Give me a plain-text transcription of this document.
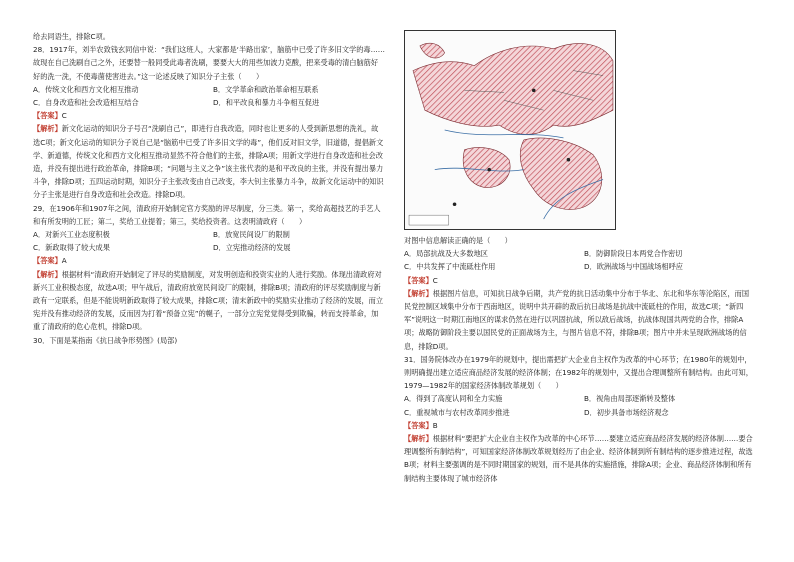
给去同语生，排除C项。

28．1917年，刘半农致钱玄同信中说：“我们这班人，大家都是‘半路出家’，脑筋中已受了许多旧文学的毒……故现在自己洗刷自己之外，还要替一般同受此毒者洗刷，要要大大的用些加波力克酸，把来受毒的清白脑筋好好的洗一洗，不使毒菌使害进去。”这一论述反映了知识分子主张（　　）

A．传统文化和西方文化相互推动	B．文学革命和政治革命相互联系
C．自身改造和社会改造相互结合	D．和平改良和暴力斗争相互促进

【答案】C

【解析】新文化运动的知识分子号召“洗刷自己”，即进行自我改造，同时也让更多的人受到新思想的洗礼，故选C项；新文化运动的知识分子说自己是“脑筋中已受了许多旧文学的毒”，他们反对旧文学，旧道德，提倡新文学、新道德，传统文化和西方文化相互推动显然不符合他们的主张，排除A项；用新文学进行自身改造和社会改造，并没有提出进行政治革命，排除B项；“问题与主义之争”该主张代表的是和平改良的主张，并没有提出暴力斗争，排除D项；五四运动时期，知识分子主张改变由自己改变，李大钊主张暴力斗争，故新文化运动中的知识分子主张是进行自身改造和社会改造。排除D项。

29．在1906年和1907年之间，清政府开始制定官方奖励的评尽制度，分三类。第一，奖给高超技艺的手艺人和有所发明的工匠；第二，奖给工业提着；第三，奖给投资者。这表明清政府（　　）

A．对新兴工业态度积极	B．放宽民间设厂的限制
C．新政取得了较大成果	D．立宪推动经济的发展

【答案】A

【解析】根据材料“清政府开始制定了评尽的奖励制度，对发明创造和投资实业的人进行奖励。体现出清政府对新兴工业积极态度，故选A项；甲午战后，清政府放宽民间设厂的限制，排除B项；清政府的评尽奖励制度与新政有一定联系，但是不能说明新政取得了较大成果，排除C项；清末新政中的奖励实业推动了经济的发展，而立宪并没有推动经济的发展，反而因为打着“预备立宪”的幌子，一部分立宪党觉得受到欺骗，转而支持革命，加重了清政府的危心危机，排除D项。

30．下面是某指南《抗日战争形势图》(局部)

对图中信息解读正确的是（　　）

A．局部抗战及大多数地区	B．防御阶段日本两党合作密切
C．中共发挥了中流砥柱作用	D．欧洲战场与中国战场相呼应

【答案】C

【解析】根据图片信息，可知抗日战争后期，共产党的抗日活动集中分布于华北、东北和华东等沦陷区，而国民党控制区域集中分布于西南地区，说明中共开辟的敌后抗日战场是抗战中流砥柱的作用，故选C项；“新四军”说明这一时期江南地区的谋求仍然在进行以巩固抗战，所以敌后战场，抗战体现国共两党的合作，排除A项；战略防御阶段主要以国民党的正面战场为主，与图片信息不符，排除B项；图片中并未呈现欧洲战场的信息，排除D项。

31．国务院体改办在1979年的规划中，提出需把扩大企业自主权作为改革的中心环节；在1980年的规划中，则明确提出建立适应商品经济发展的经济体制；在1982年的规划中，又提出合理调整所有制结构。由此可知，1979—1982年的国家经济体制改革规划（　　）

A．得到了高度认同和全力实施	B．视角由局部逐渐转及整体
C．重视城市与农村改革同步推进	D．初步具备市场经济观念

【答案】B

【解析】根据材料“要把扩大企业自主权作为改革的中心环节……要建立适应商品经济发展的经济体制……要合理调整所有制结构”，可知国家经济体制改革规划经历了由企业、经济体制到所有制结构的逐步推进过程，故选B项；材料主要强调的是不同时期国家的规划，而不是具体的实施措施，排除A项；企业、商品经济体制和所有制结构主要体现了城市经济体
